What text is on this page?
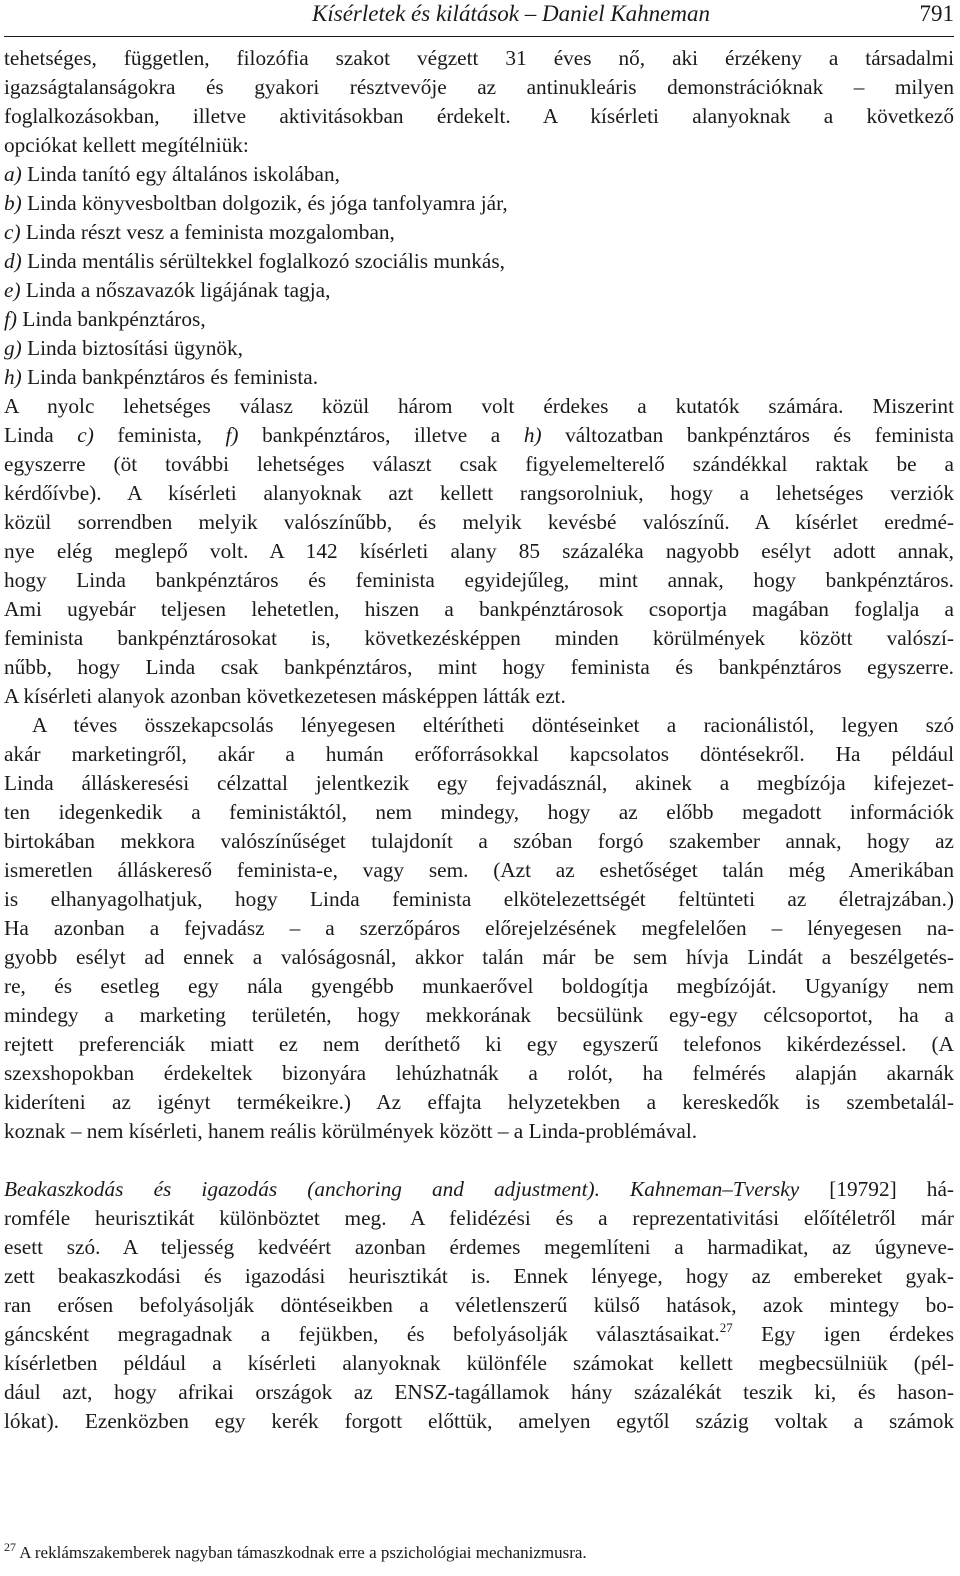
Kísérletek és kilátások – Daniel Kahneman	791
tehetséges, független, filozófia szakot végzett 31 éves nő, aki érzékeny a társadalmi
igazságtalanságokra és gyakori résztvevője az antinukleáris demonstrációknak – milyen
foglalkozásokban, illetve aktivitásokban érdekelt. A kísérleti alanyoknak a következő
opciókat kellett megítélniük:
a) Linda tanító egy általános iskolában,
b) Linda könyvesboltban dolgozik, és jóga tanfolyamra jár,
c) Linda részt vesz a feminista mozgalomban,
d) Linda mentális sérültekkel foglalkozó szociális munkás,
e) Linda a nőszavazók ligájának tagja,
f) Linda bankpénztáros,
g) Linda biztosítási ügynök,
h) Linda bankpénztáros és feminista.
A nyolc lehetséges válasz közül három volt érdekes a kutatók számára. Miszerint
Linda c) feminista, f) bankpénztáros, illetve a h) változatban bankpénztáros és feminista
egyszerre (öt további lehetséges választ csak figyelemelterelő szándékkal raktak be a
kérdőívbe). A kísérleti alanyoknak azt kellett rangsorolniuk, hogy a lehetséges verziók
közül sorrendben melyik valószínűbb, és melyik kevésbé valószínű. A kísérlet eredmé-
nye elég meglepő volt. A 142 kísérleti alany 85 százaléka nagyobb esélyt adott annak,
hogy Linda bankpénztáros és feminista egyidejűleg, mint annak, hogy bankpénztáros.
Ami ugyebár teljesen lehetetlen, hiszen a bankpénztárosok csoportja magában foglalja a
feminista bankpénztárosokat is, következésképpen minden körülmények között valószí-
nűbb, hogy Linda csak bankpénztáros, mint hogy feminista és bankpénztáros egyszerre.
A kísérleti alanyok azonban következetesen másképpen látták ezt.
A téves összekapcsolás lényegesen eltérítheti döntéseinket a racionálistól, legyen szó
akár marketingről, akár a humán erőforrásokkal kapcsolatos döntésekről. Ha például
Linda álláskeresési célzattal jelentkezik egy fejvadásznál, akinek a megbízója kifejezet-
ten idegenkedik a feministáktól, nem mindegy, hogy az előbb megadott információk
birtokában mekkora valószínűséget tulajdonít a szóban forgó szakember annak, hogy az
ismeretlen álláskereső feminista-e, vagy sem. (Azt az eshetőséget talán még Amerikában
is elhanyagolhatjuk, hogy Linda feminista elkötelezettségét feltünteti az életrajzában.)
Ha azonban a fejvadász – a szerzőpáros előrejelzésének megfelelően – lényegesen na-
gyobb esélyt ad ennek a valóságosnál, akkor talán már be sem hívja Lindát a beszélgetés-
re, és esetleg egy nála gyengébb munkaerővel boldogítja megbízóját. Ugyanígy nem
mindegy a marketing területén, hogy mekkorának becsülünk egy-egy célcsoportot, ha a
rejtett preferenciák miatt ez nem deríthető ki egy egyszerű telefonos kikérdezéssel. (A
szexshopokban érdekeltek bizonyára lehúzhatnák a rolót, ha felmérés alapján akarnák
kideríteni az igényt termékeikre.) Az effajta helyzetekben a kereskedők is szembetalál-
koznak – nem kísérleti, hanem reális körülmények között – a Linda-problémával.
Beakaszkodás és igazodás (anchoring and adjustment). Kahneman–Tversky [19792] há-
romféle heurisztikát különböztet meg. A felidézési és a reprezentativitási előítéletről már
esett szó. A teljesség kedvéért azonban érdemes megemlíteni a harmadikat, az úgyneve-
zett beakaszkodási és igazodási heurisztikát is. Ennek lényege, hogy az embereket gyak-
ran erősen befolyásolják döntéseikben a véletlenszerű külső hatások, azok mintegy bo-
gáncsként megragadnak a fejükben, és befolyásolják választásaikat.$^{27}$ Egy igen érdekes
kísérletben például a kísérleti alanyoknak különféle számokat kellett megbecsülniük (pél-
dául azt, hogy afrikai országok az ENSZ-tagállamok hány százalékát teszik ki, és hason-
lókat). Ezenközben egy kerék forgott előttük, amelyen egytől százig voltak a számok
$^{27}$ A reklámszakemberek nagyban támaszkodnak erre a pszichológiai mechanizmusra.
